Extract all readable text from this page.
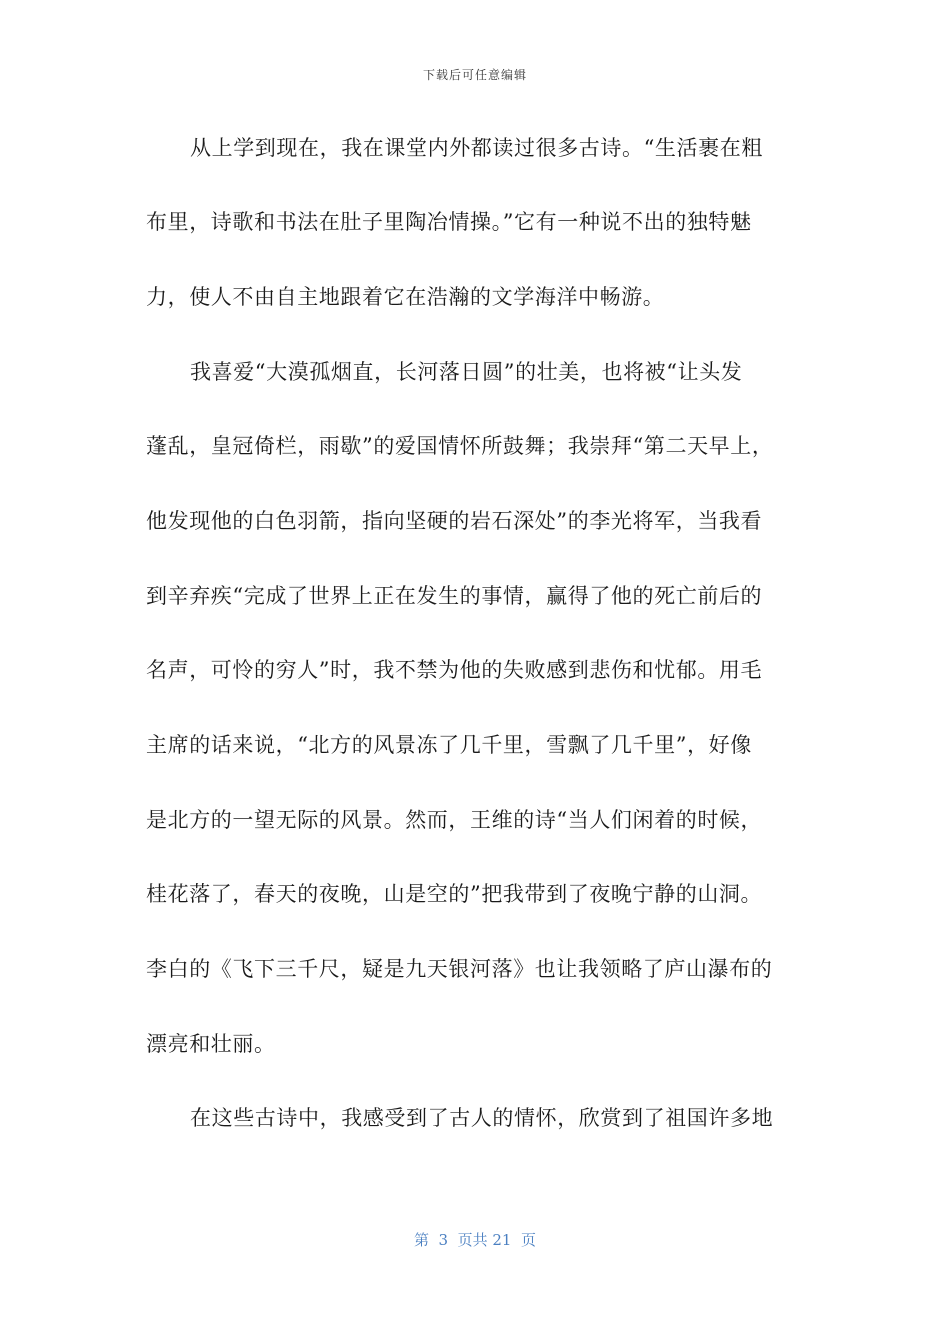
下载后可任意编辑
从上学到现在，我在课堂内外都读过很多古诗。“生活裹在粗
布里，诗歌和书法在肚子里陶冶情操。”它有一种说不出的独特魅
力，使人不由自主地跟着它在浩瀚的文学海洋中畅游。
我喜爱“大漠孤烟直，长河落日圆”的壮美，也将被“让头发
蓬乱，皇冠倚栏，雨歇”的爱国情怀所鼓舞；我崇拜“第二天早上，
他发现他的白色羽箭，指向坚硬的岩石深处”的李光将军，当我看
到辛弃疾“完成了世界上正在发生的事情，赢得了他的死亡前后的
名声，可怜的穷人”时，我不禁为他的失败感到悲伤和忧郁。用毛
主席的话来说，“北方的风景冻了几千里，雪飘了几千里”，好像
是北方的一望无际的风景。然而，王维的诗“当人们闲着的时候，
桂花落了，春天的夜晚，山是空的”把我带到了夜晚宁静的山洞。
李白的《飞下三千尺，疑是九天银河落》也让我领略了庐山瀑布的
漂亮和壮丽。
在这些古诗中，我感受到了古人的情怀，欣赏到了祖国许多地
第  3  页共 21  页
